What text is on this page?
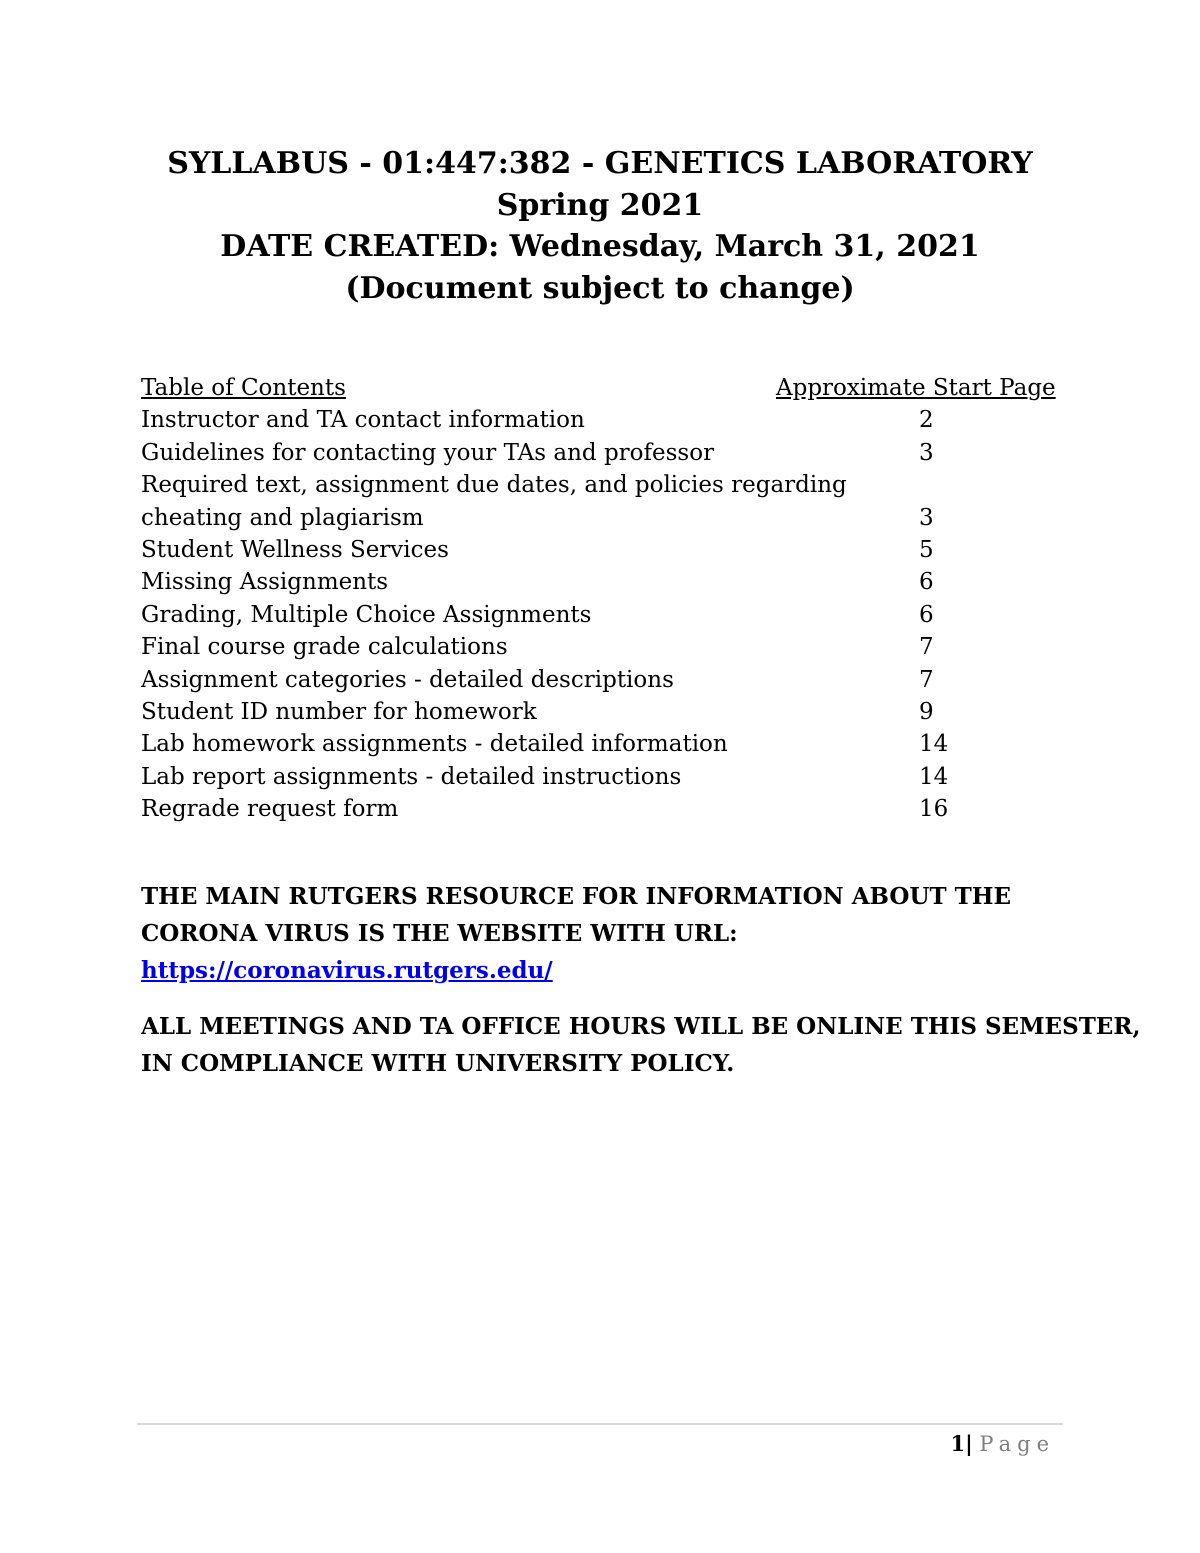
SYLLABUS - 01:447:382 - GENETICS LABORATORY
Spring 2021
DATE CREATED: Wednesday, March 31, 2021
(Document subject to change)
Table of Contents	Approximate Start Page
Instructor and TA contact information	2
Guidelines for contacting your TAs and professor	3
Required text, assignment due dates, and policies regarding
cheating and plagiarism	3
Student Wellness Services	5
Missing Assignments	6
Grading, Multiple Choice Assignments	6
Final course grade calculations	7
Assignment categories - detailed descriptions	7
Student ID number for homework	9
Lab homework assignments - detailed information	14
Lab report assignments - detailed instructions	14
Regrade request form	16
THE MAIN RUTGERS RESOURCE FOR INFORMATION ABOUT THE
CORONA VIRUS IS THE WEBSITE WITH URL:
https://coronavirus.rutgers.edu/
ALL MEETINGS AND TA OFFICE HOURS WILL BE ONLINE THIS SEMESTER,
IN COMPLIANCE WITH UNIVERSITY POLICY.
1| Page
